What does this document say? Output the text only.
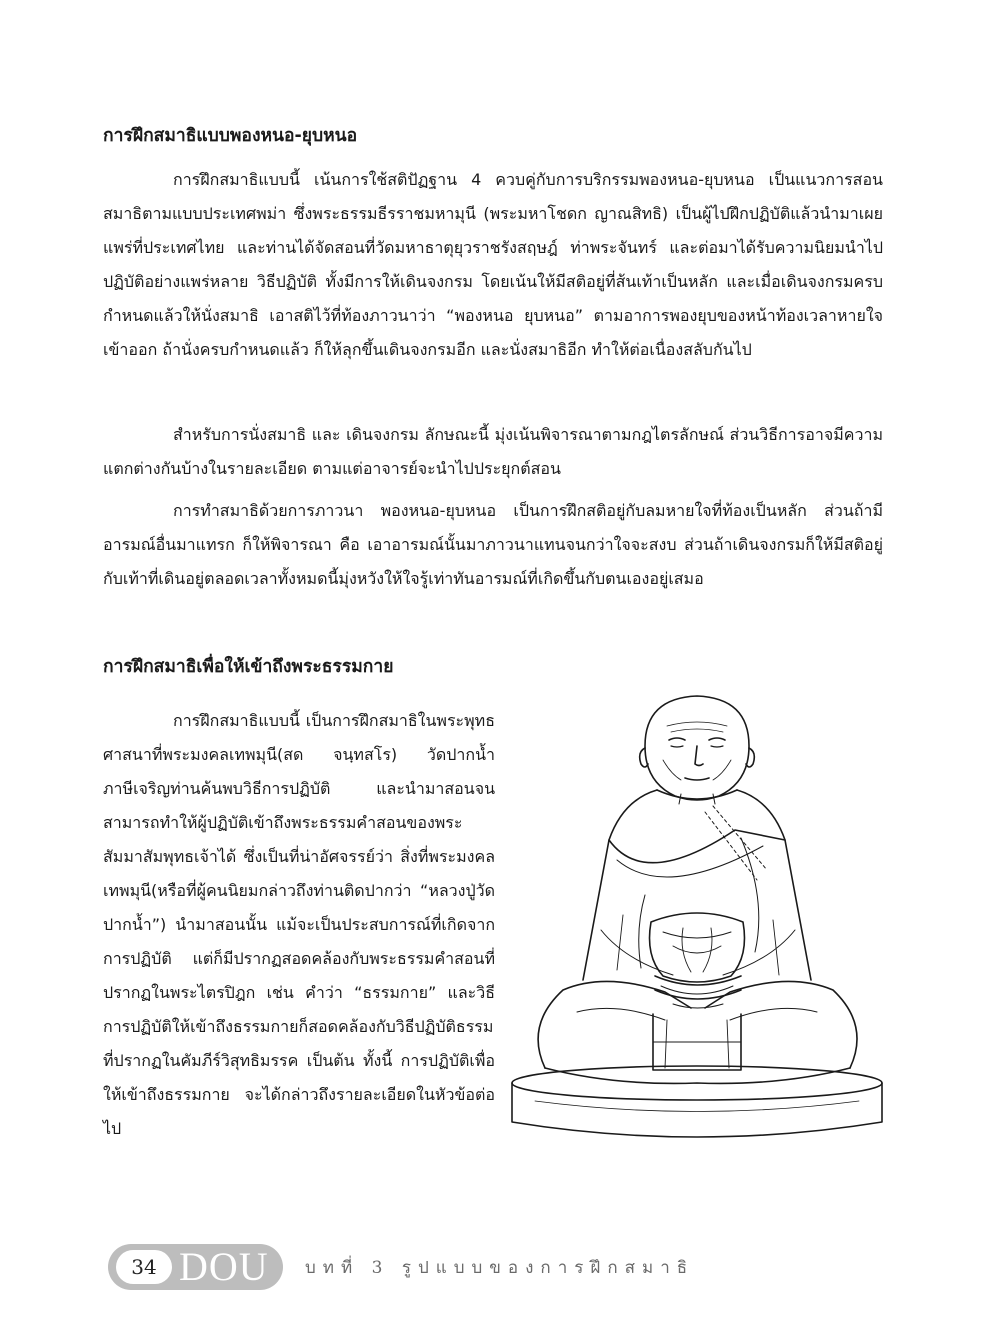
การฝึกสมาธิแบบพองหนอ-ยุบหนอ

การฝึกสมาธิแบบนี้ เน้นการใช้สติปัฏฐาน 4 ควบคู่กับการบริกรรมพองหนอ-ยุบหนอ เป็นแนวการสอนสมาธิตามแบบประเทศพม่า ซึ่งพระธรรมธีรราชมหามุนี (พระมหาโชดก ญาณสิทธิ) เป็นผู้ไปฝึกปฏิบัติแล้วนำมาเผยแพร่ที่ประเทศไทย และท่านได้จัดสอนที่วัดมหาธาตุยุวราชรังสฤษฎ์ ท่าพระจันทร์ และต่อมาได้รับความนิยมนำไปปฏิบัติอย่างแพร่หลาย วิธีปฏิบัติ ทั้งมีการให้เดินจงกรม โดยเน้นให้มีสติอยู่ที่ส้นเท้าเป็นหลัก และเมื่อเดินจงกรมครบกำหนดแล้วให้นั่งสมาธิ เอาสติไว้ที่ท้องภาวนาว่า “พองหนอ ยุบหนอ” ตามอาการพองยุบของหน้าท้องเวลาหายใจเข้าออก ถ้านั่งครบกำหนดแล้ว ก็ให้ลุกขึ้นเดินจงกรมอีก และนั่งสมาธิอีก ทำให้ต่อเนื่องสลับกันไป

สำหรับการนั่งสมาธิ และ เดินจงกรม ลักษณะนี้ มุ่งเน้นพิจารณาตามกฎไตรลักษณ์ ส่วนวิธีการอาจมีความแตกต่างกันบ้างในรายละเอียด ตามแต่อาจารย์จะนำไปประยุกต์สอน

การทำสมาธิด้วยการภาวนา พองหนอ-ยุบหนอ เป็นการฝึกสติอยู่กับลมหายใจที่ท้องเป็นหลัก ส่วนถ้ามีอารมณ์อื่นมาแทรก ก็ให้พิจารณา คือ เอาอารมณ์นั้นมาภาวนาแทนจนกว่าใจจะสงบ ส่วนถ้าเดินจงกรมก็ให้มีสติอยู่กับเท้าที่เดินอยู่ตลอดเวลาทั้งหมดนี้มุ่งหวังให้ใจรู้เท่าทันอารมณ์ที่เกิดขึ้นกับตนเองอยู่เสมอ

การฝึกสมาธิเพื่อให้เข้าถึงพระธรรมกาย

การฝึกสมาธิแบบนี้ เป็นการฝึกสมาธิในพระพุทธศาสนาที่พระมงคลเทพมุนี(สด จนฺทสโร) วัดปากน้ำภาษีเจริญท่านค้นพบวิธีการปฏิบัติ และนำมาสอนจนสามารถทำให้ผู้ปฏิบัติเข้าถึงพระธรรมคำสอนของพระสัมมาสัมพุทธเจ้าได้ ซึ่งเป็นที่น่าอัศจรรย์ว่า สิ่งที่พระมงคลเทพมุนี(หรือที่ผู้คนนิยมกล่าวถึงท่านติดปากว่า “หลวงปู่วัดปากน้ำ”) นำมาสอนนั้น แม้จะเป็นประสบการณ์ที่เกิดจากการปฏิบัติ แต่ก็มีปรากฏสอดคล้องกับพระธรรมคำสอนที่ปรากฏในพระไตรปิฎก เช่น คำว่า “ธรรมกาย” และวิธีการปฏิบัติให้เข้าถึงธรรมกายก็สอดคล้องกับวิธีปฏิบัติธรรมที่ปรากฏในคัมภีร์วิสุทธิมรรค เป็นต้น ทั้งนี้ การปฏิบัติเพื่อให้เข้าถึงธรรมกาย จะได้กล่าวถึงรายละเอียดในหัวข้อต่อไป

34 DOU บทที่ 3 รูปแบบของการฝึกสมาธิ
